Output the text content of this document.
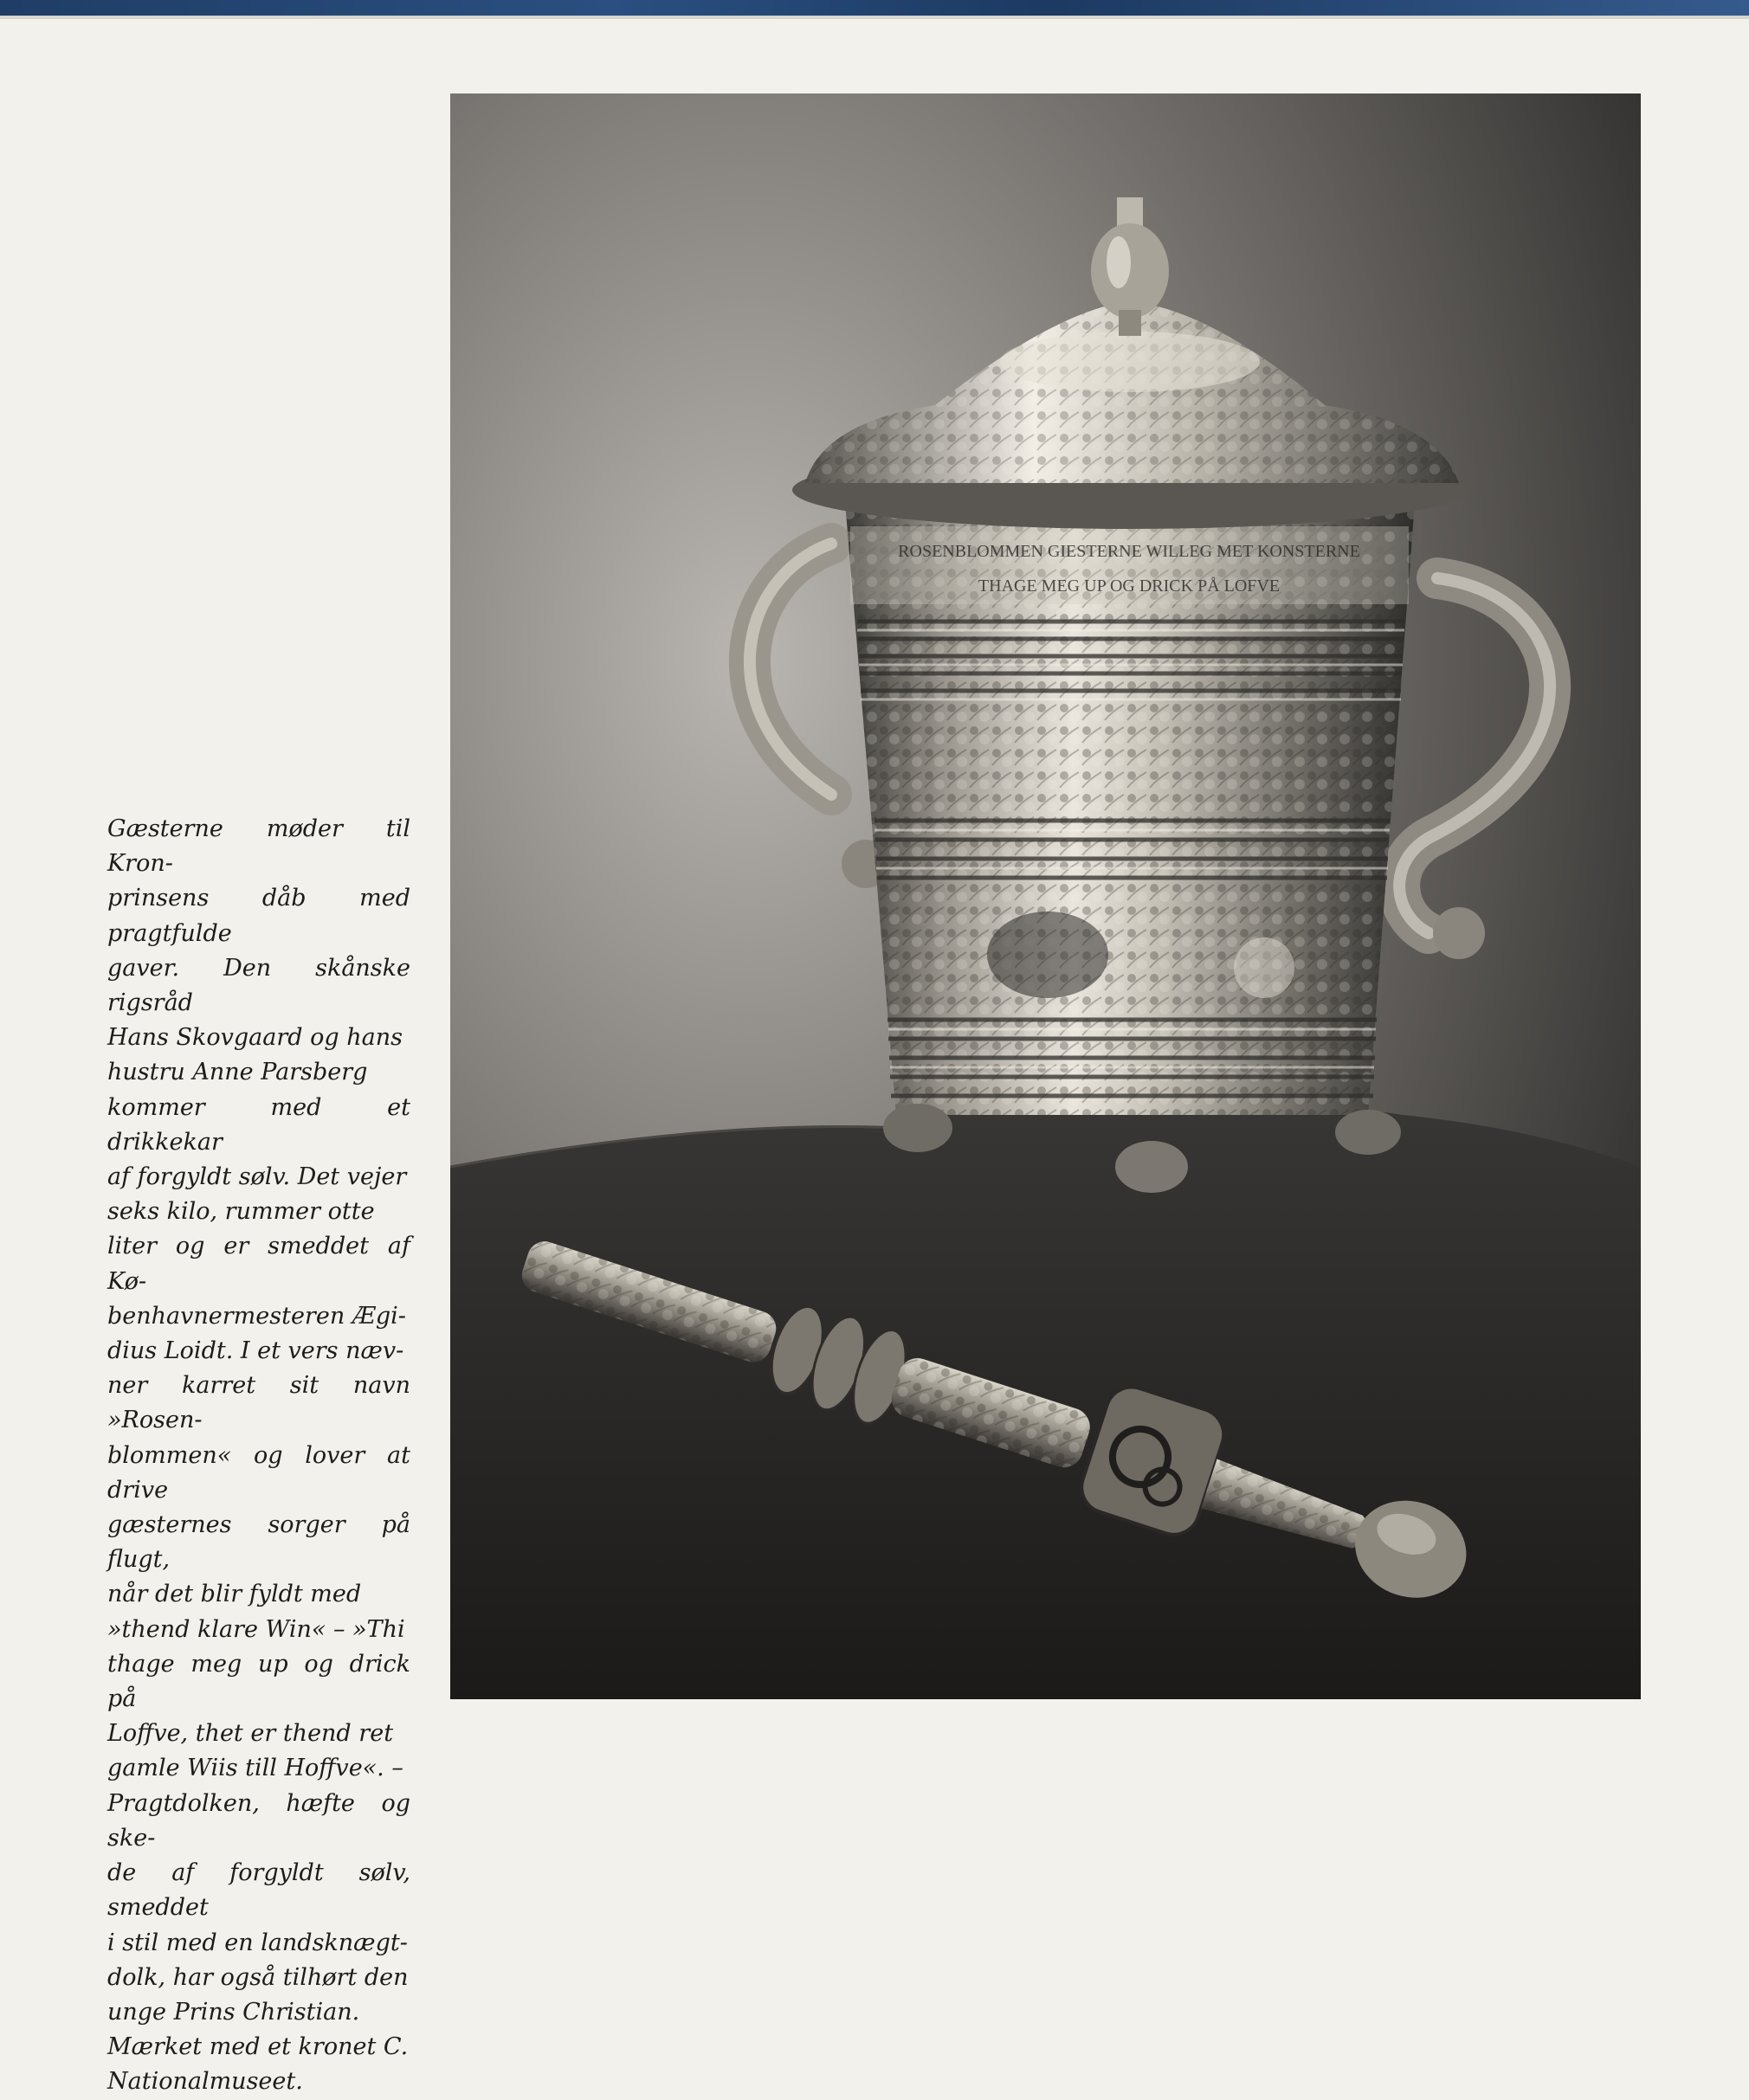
Gæsterne møder til Kron-
prinsens dåb med pragtfulde
gaver. Den skånske rigsråd
Hans Skovgaard og hans
hustru Anne Parsberg
kommer med et drikkekar
af forgyldt sølv. Det vejer
seks kilo, rummer otte
liter og er smeddet af Kø-
benhavnermesteren Ægi-
dius Loidt. I et vers næv-
ner karret sit navn »Rosen-
blommen« og lover at drive
gæsternes sorger på flugt,
når det blir fyldt med
»thend klare Win« – »Thi
thage meg up og drick på
Loffve, thet er thend ret
gamle Wiis till Hoffve«. –
Pragtdolken, hæfte og ske-
de af forgyldt sølv, smeddet
i stil med en landsknægt-
dolk, har også tilhørt den
unge Prins Christian.
Mærket med et kronet C.
Nationalmuseet.
ROSENBLOMMEN GIESTERNE WILLEG MET KONSTERNE
THAGE MEG UP OG DRICK PÅ LOFVE
